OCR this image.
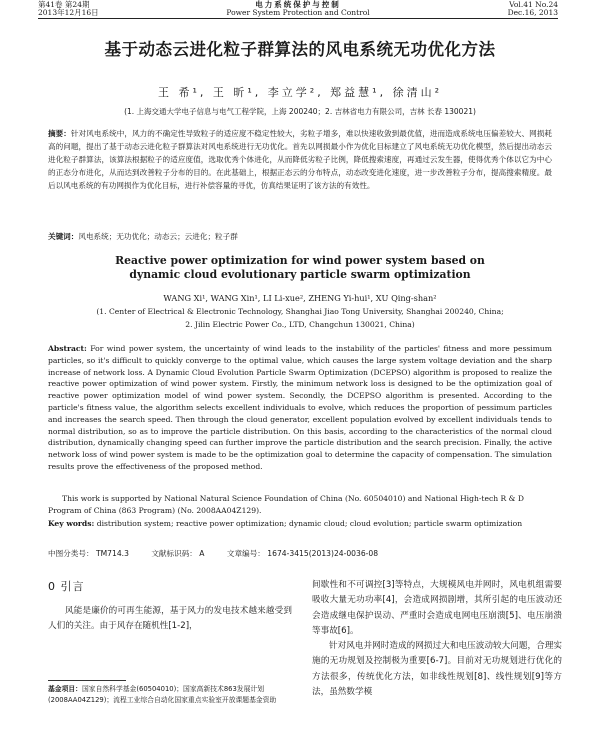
第41卷 第24期	电力系统保护与控制	Vol.41 No.24
2013年12月16日	Power System Protection and Control	Dec.16, 2013
基于动态云进化粒子群算法的风电系统无功优化方法
王 希¹, 王 昕¹, 李立学², 郑益慧¹, 徐清山²
(1. 上海交通大学电子信息与电气工程学院，上海 200240；2. 吉林省电力有限公司，吉林 长春 130021)
摘要：针对风电系统中，风力的不确定性导致粒子的适应度不稳定性较大，劣粒子增多，难以快速收敛到最优值，进而造成系统电压偏差较大、网损耗高的问题，提出了基于动态云进化粒子群算法对风电系统进行无功优化。首先以网损最小作为优化目标建立了风电系统无功优化模型，然后提出动态云进化粒子群算法，该算法根据粒子的适应度值，选取优秀个体进化，从而降低劣粒子比例，降低搜索速度，再通过云发生器，使得优秀个体以它为中心的正态分布进化，从而达到改善粒子分布的目的。在此基础上，根据正态云的分布特点，动态改变进化速度，进一步改善粒子分布，提高搜索精度。最后以风电系统的有功网损作为优化目标，进行补偿容量的寻优，仿真结果证明了该方法的有效性。
关键词：风电系统；无功优化；动态云；云进化；粒子群
Reactive power optimization for wind power system based on
dynamic cloud evolutionary particle swarm optimization
WANG Xi¹, WANG Xin¹, LI Li-xue², ZHENG Yi-hui¹, XU Qing-shan²
(1. Center of Electrical & Electronic Technology, Shanghai Jiao Tong University, Shanghai 200240, China;
2. Jilin Electric Power Co., LTD, Changchun 130021, China)
Abstract: For wind power system, the uncertainty of wind leads to the instability of the particles' fitness and more pessimum particles, so it's difficult to quickly converge to the optimal value, which causes the large system voltage deviation and the sharp increase of network loss. A Dynamic Cloud Evolution Particle Swarm Optimization (DCEPSO) algorithm is proposed to realize the reactive power optimization of wind power system. Firstly, the minimum network loss is designed to be the optimization goal of reactive power optimization model of wind power system. Secondly, the DCEPSO algorithm is presented. According to the particle's fitness value, the algorithm selects excellent individuals to evolve, which reduces the proportion of pessimum particles and increases the search speed. Then through the cloud generator, excellent population evolved by excellent individuals tends to normal distribution, so as to improve the particle distribution. On this basis, according to the characteristics of the normal cloud distribution, dynamically changing speed can further improve the particle distribution and the search precision. Finally, the active network loss of wind power system is made to be the optimization goal to determine the capacity of compensation. The simulation results prove the effectiveness of the proposed method.
This work is supported by National Natural Science Foundation of China (No. 60504010) and National High-tech R & D Program of China (863 Program) (No. 2008AA04Z129).
Key words: distribution system; reactive power optimization; dynamic cloud; cloud evolution; particle swarm optimization
中图分类号： TM714.3	文献标识码： A	文章编号： 1674-3415(2013)24-0036-08
0 引言

风能是廉价的可再生能源，基于风力的发电技术越来越受到人们的关注。由于风存在随机性[1-2]，

间歇性和不可调控[3]等特点，大规模风电并网时，风电机组需要吸收大量无功功率[4]，会造成网损剧增，其所引起的电压波动还会造成继电保护误动、严重时会造成电网电压崩溃[5]、电压崩溃等事故[6]。

针对风电并网时造成的网损过大和电压波动较大问题，合理实施的无功规划及控制极为重要[6-7]。目前对无功规划进行优化的方法很多，传统优化方法，如非线性规划[8]、线性规划[9]等方法，虽然数学模

基金项目：国家自然科学基金(60504010)；国家高新技术863发展计划(2008AA04Z129)；流程工业综合自动化国家重点实验室开放课题基金资助
